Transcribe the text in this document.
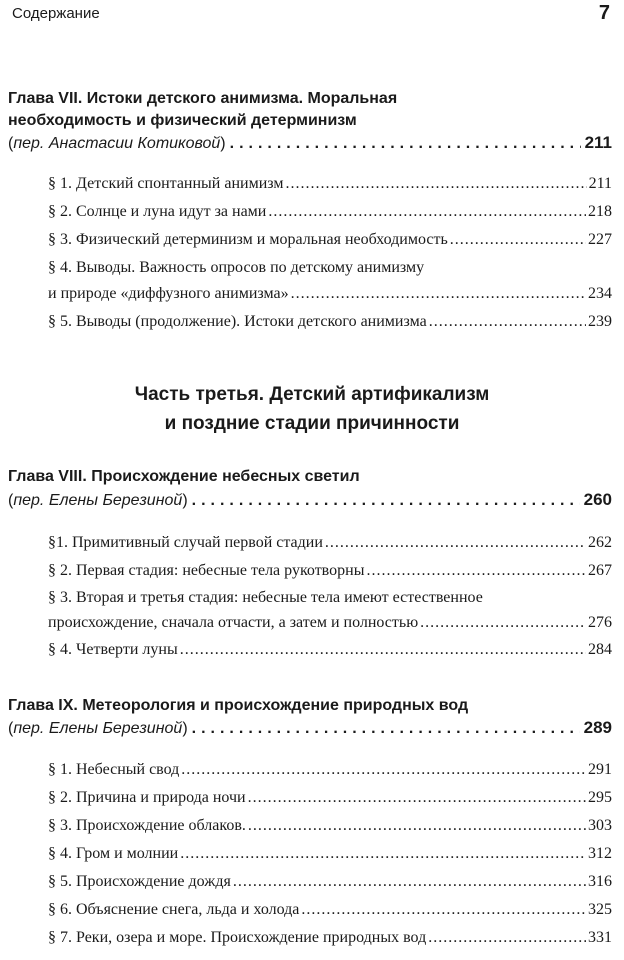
Содержание	7
Глава VII. Истоки детского анимизма. Моральная
необходимость и физический детерминизм
(пер. Анастасии Котиковой) .....	211
§ 1. Детский спонтанный анимизм .....	211
§ 2. Солнце и луна идут за нами .....	218
§ 3. Физический детерминизм и моральная необходимость .....	227
§ 4. Выводы. Важность опросов по детскому анимизму
и природе «диффузного анимизма» .....	234
§ 5. Выводы (продолжение). Истоки детского анимизма .....	239
Часть третья. Детский артификализм
и поздние стадии причинности
Глава VIII. Происхождение небесных светил
(пер. Елены Березиной) .....	260
§1. Примитивный случай первой стадии .....	262
§ 2. Первая стадия: небесные тела рукотворны .....	267
§ 3. Вторая и третья стадия: небесные тела имеют естественное
происхождение, сначала отчасти, а затем и полностью .....	276
§ 4. Четверти луны .....	284
Глава IX. Метеорология и происхождение природных вод
(пер. Елены Березиной) .....	289
§ 1. Небесный свод .....	291
§ 2. Причина и природа ночи .....	295
§ 3. Происхождение облаков. .....	303
§ 4. Гром и молнии .....	312
§ 5. Происхождение дождя .....	316
§ 6. Объяснение снега, льда и холода .....	325
§ 7. Реки, озера и море. Происхождение природных вод .....	331
